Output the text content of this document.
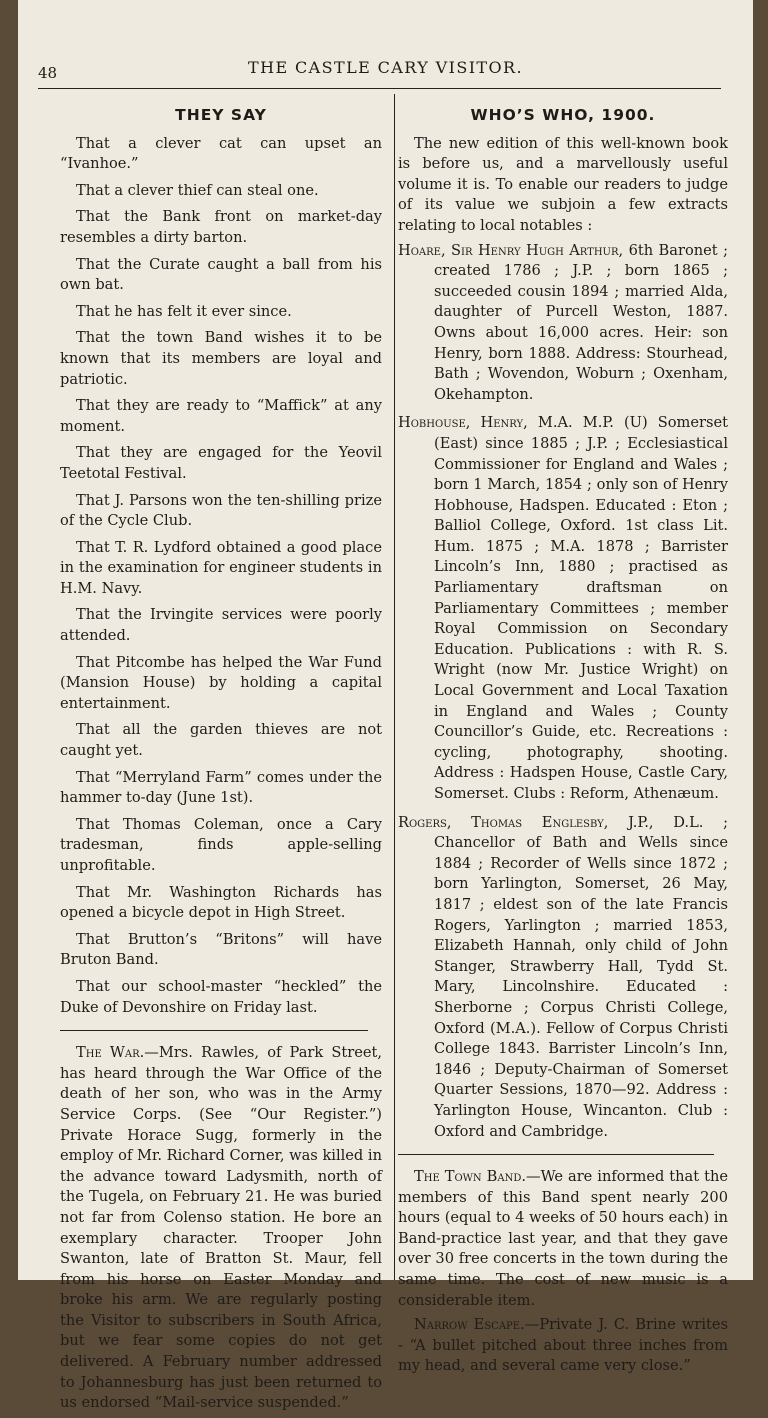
48	THE CASTLE CARY VISITOR.
THEY SAY

That a clever cat can upset an “Ivanhoe.”

That a clever thief can steal one.

That the Bank front on market-day resembles a dirty barton.

That the Curate caught a ball from his own bat.

That he has felt it ever since.

That the town Band wishes it to be known that its members are loyal and patriotic.

That they are ready to “Maffick” at any moment.

That they are engaged for the Yeovil Teetotal Festival.

That J. Parsons won the ten-shilling prize of the Cycle Club.

That T. R. Lydford obtained a good place in the examination for engineer students in H.M. Navy.

That the Irvingite services were poorly attended.

That Pitcombe has helped the War Fund (Mansion House) by holding a capital entertainment.

That all the garden thieves are not caught yet.

That “Merryland Farm” comes under the hammer to-day (June 1st).

That Thomas Coleman, once a Cary tradesman, finds apple-selling unprofitable.

That Mr. Washington Richards has opened a bicycle depot in High Street.

That Brutton’s “Britons” will have Bruton Band.

That our school-master “heckled” the Duke of Devonshire on Friday last.

The War.—Mrs. Rawles, of Park Street, has heard through the War Office of the death of her son, who was in the Army Service Corps. (See “Our Register.”) Private Horace Sugg, formerly in the employ of Mr. Richard Corner, was killed in the advance toward Ladysmith, north of the Tugela, on February 21. He was buried not far from Colenso station. He bore an exemplary character. Trooper John Swanton, late of Bratton St. Maur, fell from his horse on Easter Monday and broke his arm. We are regularly posting the Visitor to subscribers in South Africa, but we fear some copies do not get delivered. A February number addressed to Johannesburg has just been returned to us endorsed “Mail-service suspended.”

WHO’S WHO, 1900.

The new edition of this well-known book is before us, and a marvellously useful volume it is. To enable our readers to judge of its value we subjoin a few extracts relating to local notables :

Hoare, Sir Henry Hugh Arthur, 6th Baronet ; created 1786 ; J.P. ; born 1865 ; succeeded cousin 1894 ; married Alda, daughter of Purcell Weston, 1887. Owns about 16,000 acres. Heir: son Henry, born 1888. Address: Stourhead, Bath ; Wovendon, Woburn ; Oxenham, Okehampton.

Hobhouse, Henry, M.A. M.P. (U) Somerset (East) since 1885 ; J.P. ; Ecclesiastical Commissioner for England and Wales ; born 1 March, 1854 ; only son of Henry Hobhouse, Hadspen. Educated : Eton ; Balliol College, Oxford. 1st class Lit. Hum. 1875 ; M.A. 1878 ; Barrister Lincoln’s Inn, 1880 ; practised as Parliamentary draftsman on Parliamentary Committees ; member Royal Commission on Secondary Education. Publications : with R. S. Wright (now Mr. Justice Wright) on Local Government and Local Taxation in England and Wales ; County Councillor’s Guide, etc. Recreations : cycling, photography, shooting. Address : Hadspen House, Castle Cary, Somerset. Clubs : Reform, Athenæum.

Rogers, Thomas Englesby, J.P., D.L. ; Chancellor of Bath and Wells since 1884 ; Recorder of Wells since 1872 ; born Yarlington, Somerset, 26 May, 1817 ; eldest son of the late Francis Rogers, Yarlington ; married 1853, Elizabeth Hannah, only child of John Stanger, Strawberry Hall, Tydd St. Mary, Lincolnshire. Educated : Sherborne ; Corpus Christi College, Oxford (M.A.). Fellow of Corpus Christi College 1843. Barrister Lincoln’s Inn, 1846 ; Deputy-Chairman of Somerset Quarter Sessions, 1870—92. Address : Yarlington House, Wincanton. Club : Oxford and Cambridge.

The Town Band.—We are informed that the members of this Band spent nearly 200 hours (equal to 4 weeks of 50 hours each) in Band-practice last year, and that they gave over 30 free concerts in the town during the same time. The cost of new music is a considerable item.

Narrow Escape.—Private J. C. Brine writes - “A bullet pitched about three inches from my head, and several came very close.”
